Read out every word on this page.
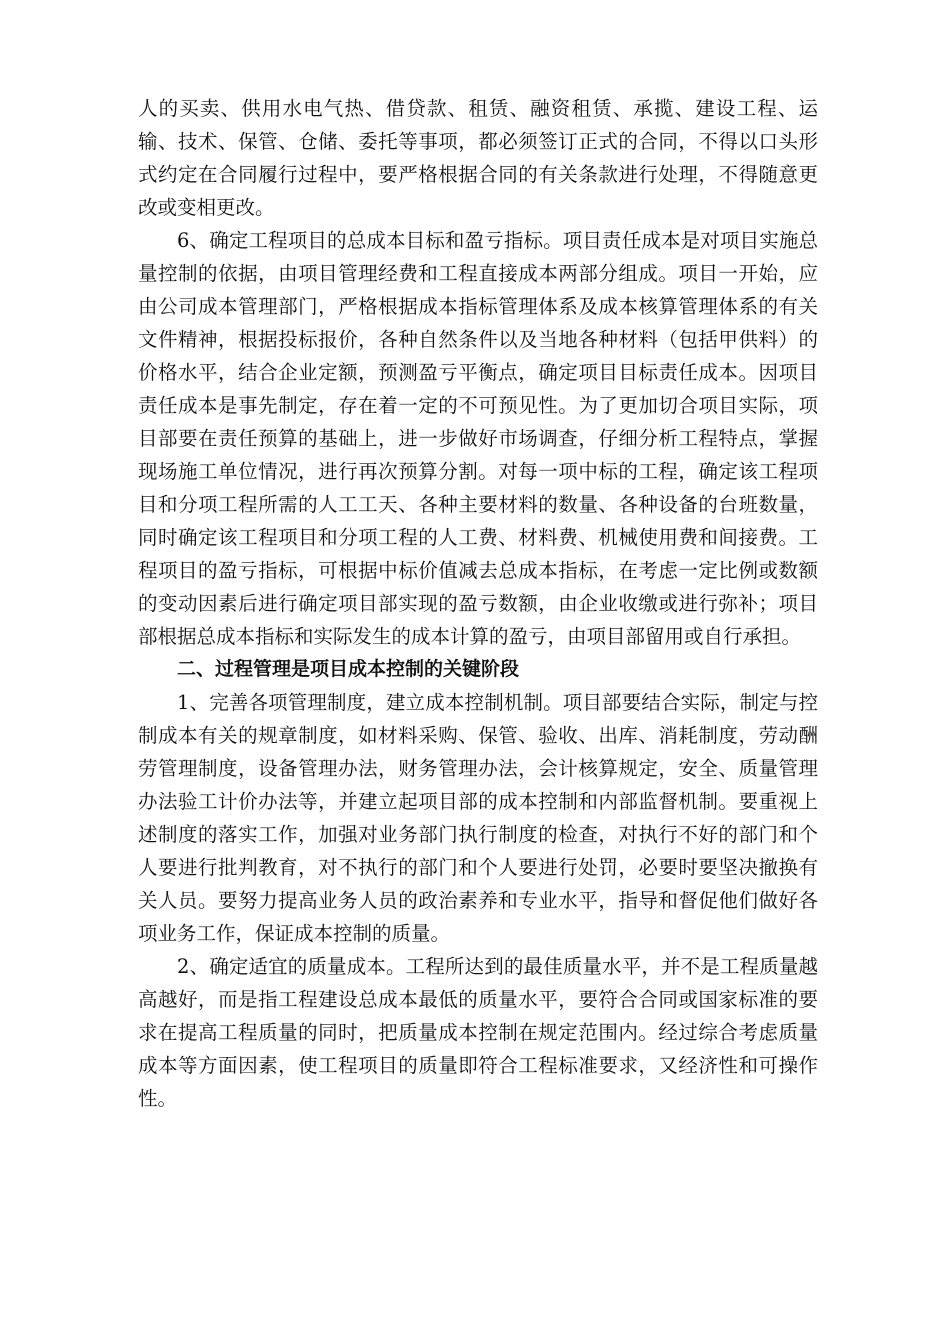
人的买卖、供用水电气热、借贷款、租赁、融资租赁、承揽、建设工程、运输、技术、保管、仓储、委托等事项，都必须签订正式的合同，不得以口头形式约定在合同履行过程中，要严格根据合同的有关条款进行处理，不得随意更改或变相更改。

6、确定工程项目的总成本目标和盈亏指标。项目责任成本是对项目实施总量控制的依据，由项目管理经费和工程直接成本两部分组成。项目一开始，应由公司成本管理部门，严格根据成本指标管理体系及成本核算管理体系的有关文件精神，根据投标报价，各种自然条件以及当地各种材料（包括甲供料）的价格水平，结合企业定额，预测盈亏平衡点，确定项目目标责任成本。因项目责任成本是事先制定，存在着一定的不可预见性。为了更加切合项目实际，项目部要在责任预算的基础上，进一步做好市场调查，仔细分析工程特点，掌握现场施工单位情况，进行再次预算分割。对每一项中标的工程，确定该工程项目和分项工程所需的人工工天、各种主要材料的数量、各种设备的台班数量，同时确定该工程项目和分项工程的人工费、材料费、机械使用费和间接费。工程项目的盈亏指标，可根据中标价值减去总成本指标，在考虑一定比例或数额的变动因素后进行确定项目部实现的盈亏数额，由企业收缴或进行弥补；项目部根据总成本指标和实际发生的成本计算的盈亏，由项目部留用或自行承担。

二、过程管理是项目成本控制的关键阶段

1、完善各项管理制度，建立成本控制机制。项目部要结合实际，制定与控制成本有关的规章制度，如材料采购、保管、验收、出库、消耗制度，劳动酬劳管理制度，设备管理办法，财务管理办法，会计核算规定，安全、质量管理办法验工计价办法等，并建立起项目部的成本控制和内部监督机制。要重视上述制度的落实工作，加强对业务部门执行制度的检查，对执行不好的部门和个人要进行批判教育，对不执行的部门和个人要进行处罚，必要时要坚决撤换有关人员。要努力提高业务人员的政治素养和专业水平，指导和督促他们做好各项业务工作，保证成本控制的质量。

2、确定适宜的质量成本。工程所达到的最佳质量水平，并不是工程质量越高越好，而是指工程建设总成本最低的质量水平，要符合合同或国家标准的要求在提高工程质量的同时，把质量成本控制在规定范围内。经过综合考虑质量成本等方面因素，使工程项目的质量即符合工程标准要求，又经济性和可操作性。
